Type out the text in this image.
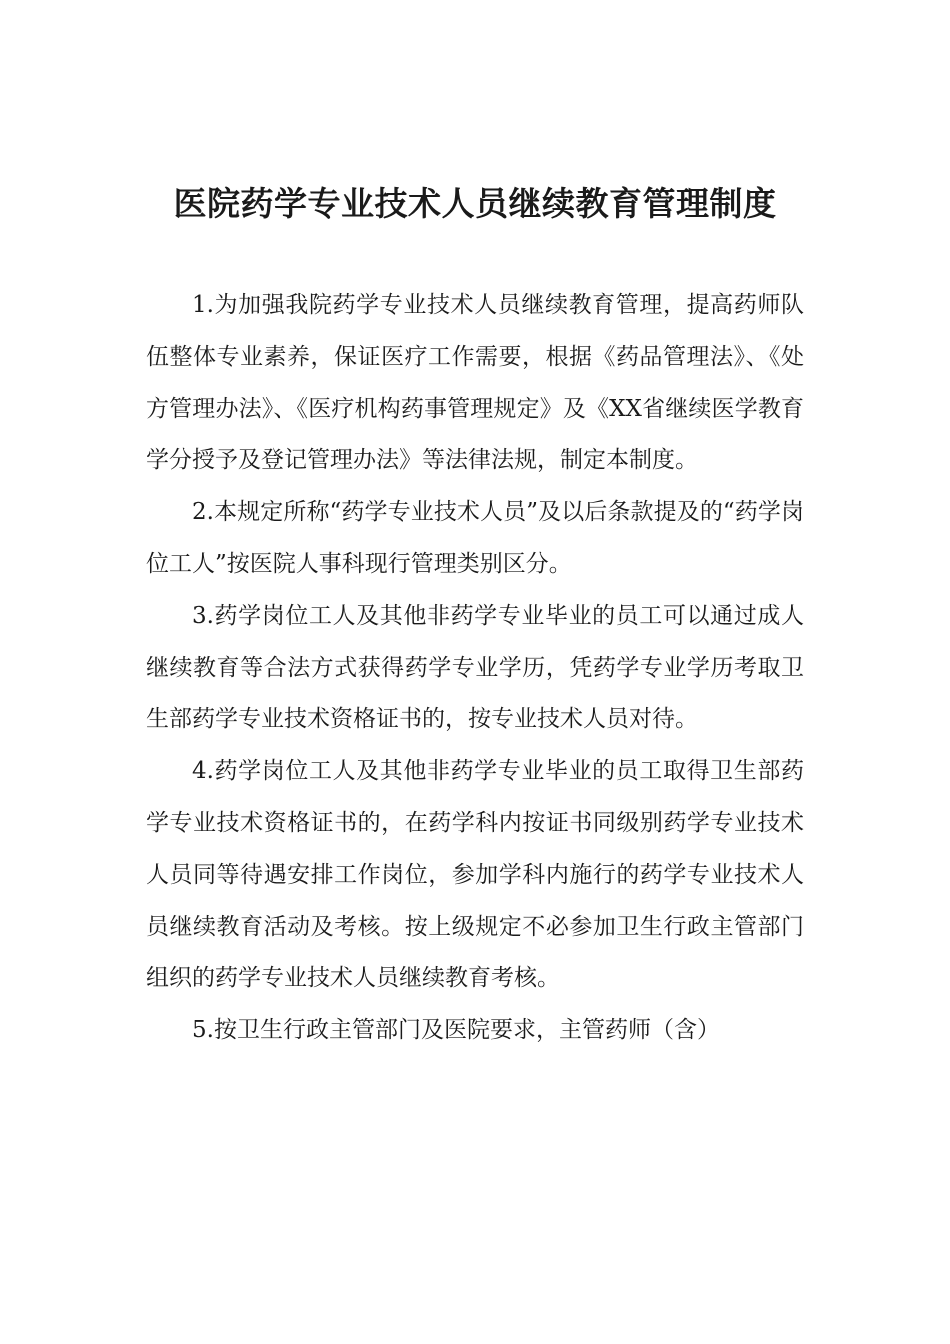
医院药学专业技术人员继续教育管理制度

1.为加强我院药学专业技术人员继续教育管理，提高药师队伍整体专业素养，保证医疗工作需要，根据《药品管理法》、《处方管理办法》、《医疗机构药事管理规定》及《XX省继续医学教育学分授予及登记管理办法》等法律法规，制定本制度。

2.本规定所称“药学专业技术人员”及以后条款提及的“药学岗位工人”按医院人事科现行管理类别区分。

3.药学岗位工人及其他非药学专业毕业的员工可以通过成人继续教育等合法方式获得药学专业学历，凭药学专业学历考取卫生部药学专业技术资格证书的，按专业技术人员对待。

4.药学岗位工人及其他非药学专业毕业的员工取得卫生部药学专业技术资格证书的，在药学科内按证书同级别药学专业技术人员同等待遇安排工作岗位，参加学科内施行的药学专业技术人员继续教育活动及考核。按上级规定不必参加卫生行政主管部门组织的药学专业技术人员继续教育考核。

5.按卫生行政主管部门及医院要求，主管药师（含）
